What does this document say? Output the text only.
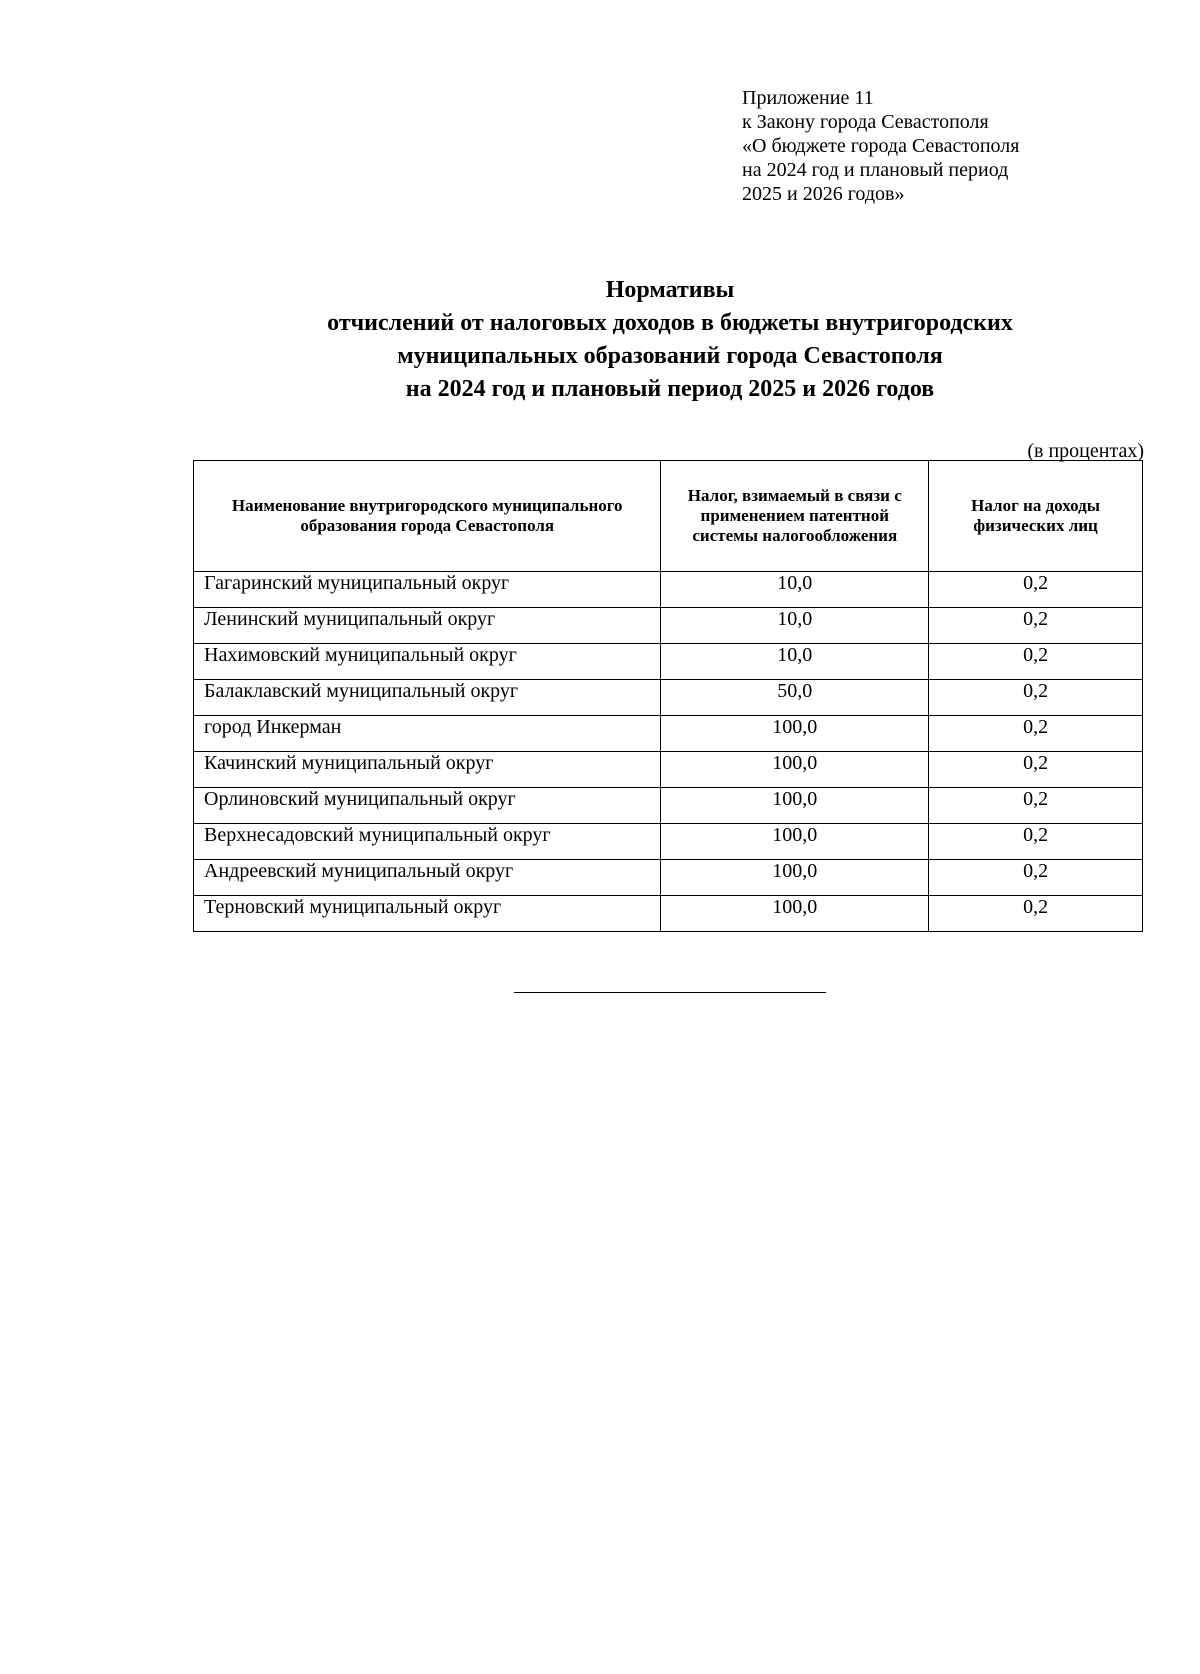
Приложение 11
к Закону города Севастополя
«О бюджете города Севастополя
на 2024 год и плановый период
2025 и 2026 годов»
Нормативы
отчислений от налоговых доходов в бюджеты внутригородских
муниципальных образований города Севастополя
на 2024 год и плановый период 2025 и 2026 годов
(в процентах)
Наименование внутригородского муниципального образования города Севастополя	Налог, взимаемый в связи с применением патентной системы налогообложения	Налог на доходы физических лиц
Гагаринский муниципальный округ	10,0	0,2
Ленинский муниципальный округ	10,0	0,2
Нахимовский муниципальный округ	10,0	0,2
Балаклавский муниципальный округ	50,0	0,2
город Инкерман	100,0	0,2
Качинский муниципальный округ	100,0	0,2
Орлиновский муниципальный округ	100,0	0,2
Верхнесадовский муниципальный округ	100,0	0,2
Андреевский муниципальный округ	100,0	0,2
Терновский муниципальный округ	100,0	0,2
